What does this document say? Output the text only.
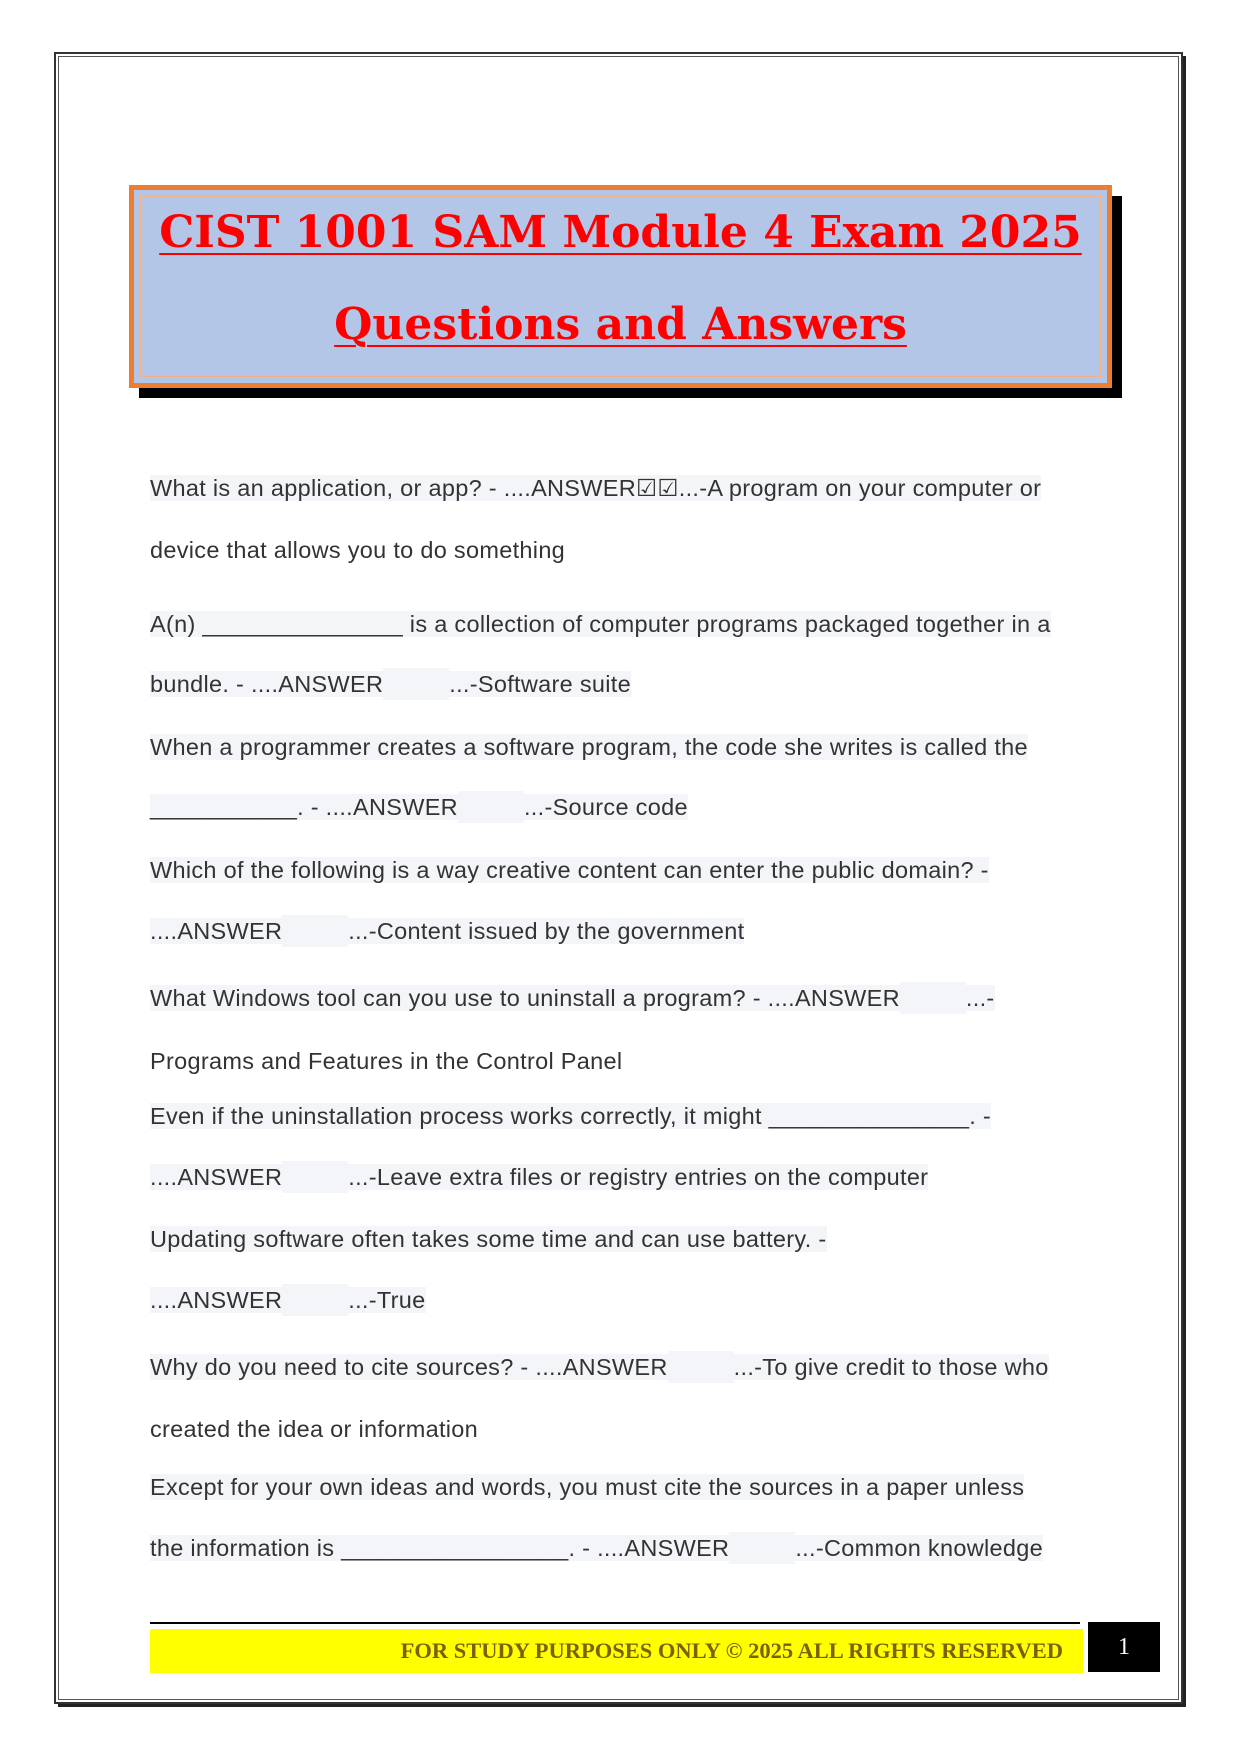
CIST 1001 SAM Module 4 Exam 2025
Questions and Answers
What is an application, or app? - ....ANSWER☑☑...-A program on your computer or
device that allows you to do something
A(n) _______________ is a collection of computer programs packaged together in a
bundle. - ....ANSWER	...-Software suite
When a programmer creates a software program, the code she writes is called the
___________. - ....ANSWER	...-Source code
Which of the following is a way creative content can enter the public domain? -
....ANSWER	...-Content issued by the government
What Windows tool can you use to uninstall a program? - ....ANSWER	...-
Programs and Features in the Control Panel
Even if the uninstallation process works correctly, it might _______________. -
....ANSWER	...-Leave extra files or registry entries on the computer
Updating software often takes some time and can use battery. -
....ANSWER	...-True
Why do you need to cite sources? - ....ANSWER	...-To give credit to those who
created the idea or information
Except for your own ideas and words, you must cite the sources in a paper unless
the information is _________________. - ....ANSWER	...-Common knowledge
FOR STUDY PURPOSES ONLY © 2025 ALL RIGHTS RESERVED	1
